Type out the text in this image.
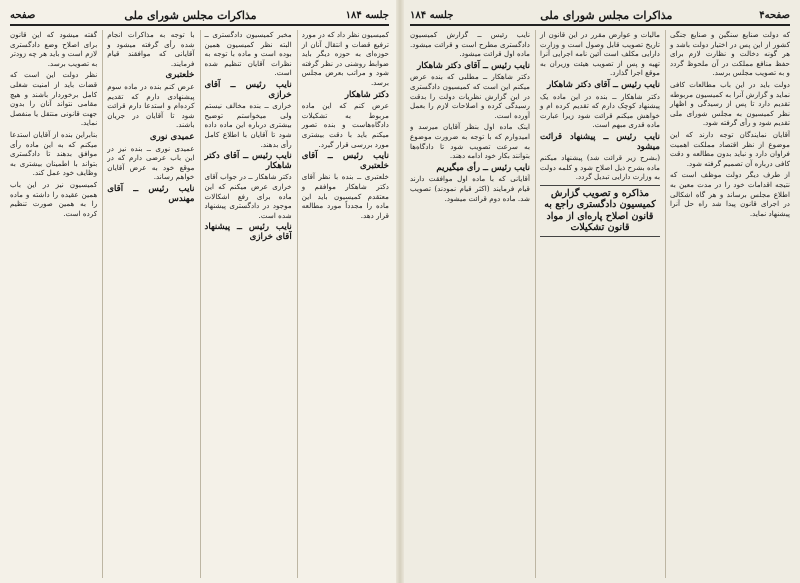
جلسه ۱۸۴
مذاکرات مجلس شورای ملی
صفحه

کمیسیون نظر داد که در مورد ترفیع قضات و انتقال آنان از حوزه‌ای به حوزه دیگر باید ضوابط روشنی در نظر گرفته شود و مراتب بعرض مجلس برسد.

دکتر شاهکار

عرض کنم که این ماده مربوط به تشکیلات دادگاه‌هاست و بنده تصور میکنم باید با دقت بیشتری مورد بررسی قرار گیرد.

نایب رئیس ــ آقای خلعتبری

خلعتبری ــ بنده با نظر آقای دکتر شاهکار موافقم و معتقدم کمیسیون باید این ماده را مجدداً مورد مطالعه قرار دهد.

مخبر کمیسیون دادگستری ــ البته نظر کمیسیون همین بوده است و ماده با توجه به نظرات آقایان تنظیم شده است.

نایب رئیس ــ آقای خرازی

خرازی ــ بنده مخالف نیستم ولی میخواستم توضیح بیشتری درباره این ماده داده شود تا آقایان با اطلاع کامل رأی بدهند.

نایب رئیس ــ آقای دکتر شاهکار

دکتر شاهکار ــ در جواب آقای خرازی عرض میکنم که این ماده برای رفع اشکالات موجود در دادگستری پیشنهاد شده است.

نایب رئیس ــ پیشنهاد آقای خرازی

با توجه به مذاکرات انجام شده رأی گرفته میشود و آقایانی که موافقند قیام فرمایند.

خلعتبری

عرض کنم بنده در ماده سوم پیشنهادی دارم که تقدیم کرده‌ام و استدعا دارم قرائت شود تا آقایان در جریان باشند.

عمیدی نوری

عمیدی نوری ــ بنده نیز در این باب عرضی دارم که در موقع خود به عرض آقایان خواهم رساند.

نایب رئیس ــ آقای مهندس

گفته میشود که این قانون برای اصلاح وضع دادگستری لازم است و باید هر چه زودتر به تصویب برسد.

نظر دولت این است که قضات باید از امنیت شغلی کامل برخوردار باشند و هیچ مقامی نتواند آنان را بدون جهت قانونی منتقل یا منفصل نماید.

بنابراین بنده از آقایان استدعا میکنم که به این ماده رأی موافق بدهند تا دادگستری بتواند با اطمینان بیشتری به وظایف خود عمل کند.

کمیسیون نیز در این باب همین عقیده را داشته و ماده را به همین صورت تنظیم کرده است.

صفحه۴
مذاکرات مجلس شورای ملی
جلسه ۱۸۴

که دولت صنایع سنگین و صنایع جنگی کشور از این پس در اختیار دولت باشد و هر گونه دخالت و نظارت لازم برای حفظ منافع مملکت در آن ملحوظ گردد و به تصویب مجلس برسد.

دولت باید در این باب مطالعات کافی نماید و گزارش آنرا به کمیسیون مربوطه تقدیم دارد تا پس از رسیدگی و اظهار نظر کمیسیون به مجلس شورای ملی تقدیم شود و رأی گرفته شود.

آقایان نمایندگان توجه دارند که این موضوع از نظر اقتصاد مملکت اهمیت فراوان دارد و نباید بدون مطالعه و دقت کافی درباره آن تصمیم گرفته شود.

از طرف دیگر دولت موظف است که نتیجه اقدامات خود را در مدت معین به اطلاع مجلس برساند و هر گاه اشکالی در اجرای قانون پیدا شد راه حل آنرا پیشنهاد نماید.

مالیات و عوارض مقرر در این قانون از تاریخ تصویب قابل وصول است و وزارت دارایی مکلف است آئین نامه اجرایی آنرا تهیه و پس از تصویب هیئت وزیران به موقع اجرا گذارد.

نایب رئیس ــ آقای دکتر شاهکار

دکتر شاهکار ــ بنده در این ماده یک پیشنهاد کوچک دارم که تقدیم کرده ام و خواهش میکنم قرائت شود زیرا عبارت ماده قدری مبهم است.

نایب رئیس ــ پیشنهاد قرائت میشود

(بشرح زیر قرائت شد) پیشنهاد میکنم ماده بشرح ذیل اصلاح شود و کلمه دولت به وزارت دارایی تبدیل گردد.

مذاکره و تصویب گزارش کمیسیون دادگستری راجع به قانون اصلاح پاره‌ای از مواد قانون تشکیلات

نایب رئیس ــ گزارش کمیسیون دادگستری مطرح است و قرائت میشود. ماده اول قرائت میشود.

نایب رئیس ــ آقای دکتر شاهکار

دکتر شاهکار ــ مطلبی که بنده عرض میکنم این است که کمیسیون دادگستری در این گزارش نظریات دولت را بدقت رسیدگی کرده و اصلاحات لازم را بعمل آورده است.

اینک ماده اول بنظر آقایان میرسد و امیدوارم که با توجه به ضرورت موضوع به سرعت تصویب شود تا دادگاه‌ها بتوانند بکار خود ادامه دهند.

نایب رئیس ــ رأی میگیریم

آقایانی که با ماده اول موافقت دارند قیام فرمایند (اکثر قیام نمودند) تصویب شد. ماده دوم قرائت میشود.
